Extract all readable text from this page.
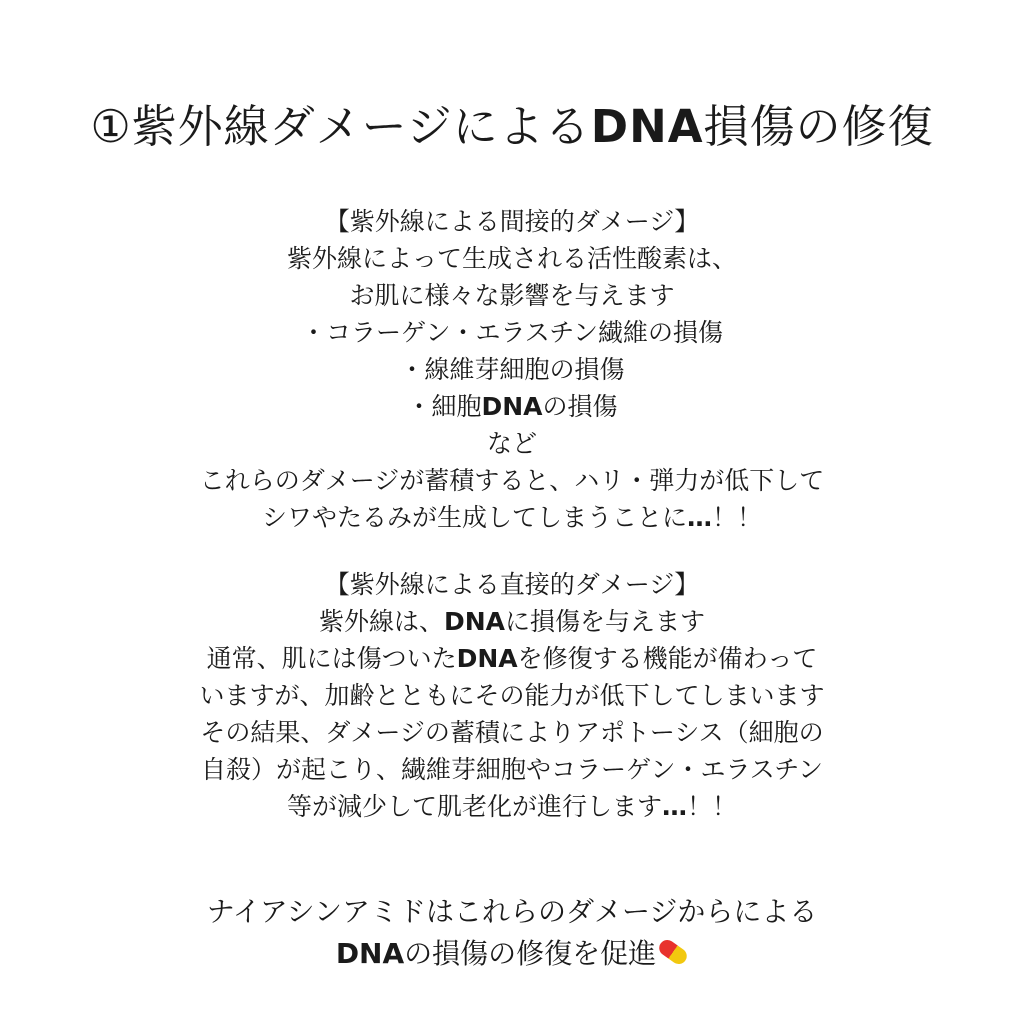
①紫外線ダメージによるDNA損傷の修復
【紫外線による間接的ダメージ】
紫外線によって生成される活性酸素は、
お肌に様々な影響を与えます
・コラーゲン・エラスチン繊維の損傷
・線維芽細胞の損傷
・細胞DNAの損傷
など
これらのダメージが蓄積すると、ハリ・弾力が低下して
シワやたるみが生成してしまうことに…！！
【紫外線による直接的ダメージ】
紫外線は、DNAに損傷を与えます
通常、肌には傷ついたDNAを修復する機能が備わって
いますが、加齢とともにその能力が低下してしまいます
その結果、ダメージの蓄積によりアポトーシス（細胞の
自殺）が起こり、繊維芽細胞やコラーゲン・エラスチン
等が減少して肌老化が進行します…！！
ナイアシンアミドはこれらのダメージからによる
DNAの損傷の修復を促進
